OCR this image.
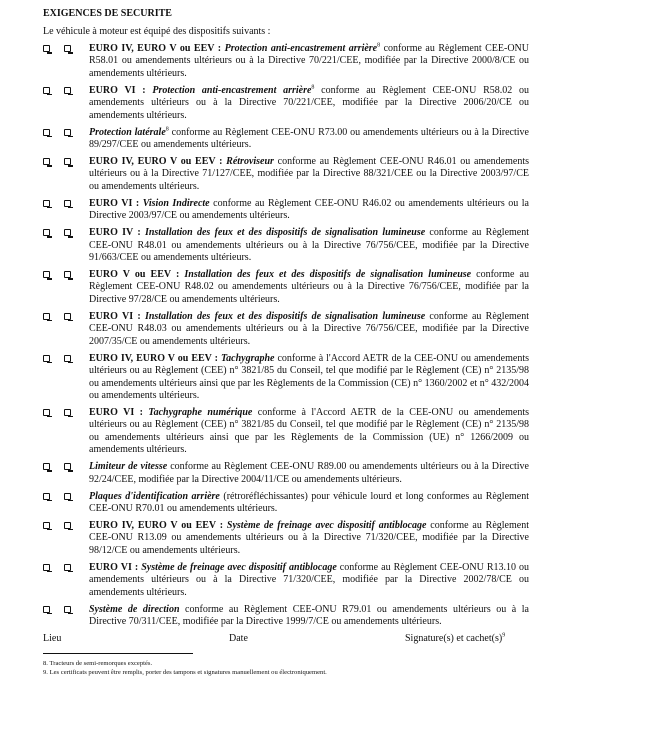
EXIGENCES DE SECURITE
Le véhicule à moteur est équipé des dispositifs suivants :
EURO IV, EURO V ou EEV : Protection anti-encastrement arrière$^8$ conforme au Règlement CEE-ONU R58.01 ou amendements ultérieurs ou à la Directive 70/221/CEE, modifiée par la Directive 2000/8/CE ou amendements ultérieurs.
EURO VI : Protection anti-encastrement arrière$^8$ conforme au Règlement CEE-ONU R58.02 ou amendements ultérieurs ou à la Directive 70/221/CEE, modifiée par la Directive 2006/20/CE ou amendements ultérieurs.
Protection latérale$^8$ conforme au Règlement CEE-ONU R73.00 ou amendements ultérieurs ou à la Directive 89/297/CEE ou amendements ultérieurs.
EURO IV, EURO V ou EEV : Rétroviseur conforme au Règlement CEE-ONU R46.01 ou amendements ultérieurs ou à la Directive 71/127/CEE, modifiée par la Directive 88/321/CEE ou la Directive 2003/97/CE ou amendements ultérieurs.
EURO VI : Vision Indirecte conforme au Règlement CEE-ONU R46.02 ou amendements ultérieurs ou la Directive 2003/97/CE ou amendements ultérieurs.
EURO IV : Installation des feux et des dispositifs de signalisation lumineuse conforme au Règlement CEE-ONU R48.01 ou amendements ultérieurs ou à la Directive 76/756/CEE, modifiée par la Directive 91/663/CEE ou amendements ultérieurs.
EURO V ou EEV : Installation des feux et des dispositifs de signalisation lumineuse conforme au Règlement CEE-ONU R48.02 ou amendements ultérieurs ou à la Directive 76/756/CEE, modifiée par la Directive 97/28/CE ou amendements ultérieurs.
EURO VI : Installation des feux et des dispositifs de signalisation lumineuse conforme au Règlement CEE-ONU R48.03 ou amendements ultérieurs ou à la Directive 76/756/CEE, modifiée par la Directive 2007/35/CE ou amendements ultérieurs.
EURO IV, EURO V ou EEV : Tachygraphe conforme à l'Accord AETR de la CEE-ONU ou amendements ultérieurs ou au Règlement (CEE) n° 3821/85 du Conseil, tel que modifié par le Règlement (CE) n° 2135/98 ou amendements ultérieurs ainsi que par les Règlements de la Commission (CE) n° 1360/2002 et n° 432/2004 ou amendements ultérieurs.
EURO VI : Tachygraphe numérique conforme à l'Accord AETR de la CEE-ONU ou amendements ultérieurs ou au Règlement (CEE) n° 3821/85 du Conseil, tel que modifié par le Règlement (CE) n° 2135/98 ou amendements ultérieurs ainsi que par les Règlements de la Commission (UE) n° 1266/2009 ou amendements ultérieurs.
Limiteur de vitesse conforme au Règlement CEE-ONU R89.00 ou amendements ultérieurs ou à la Directive 92/24/CEE, modifiée par la Directive 2004/11/CE ou amendements ultérieurs.
Plaques d'identification arrière (rétroréfléchissantes) pour véhicule lourd et long conformes au Règlement CEE-ONU R70.01 ou amendements ultérieurs.
EURO IV, EURO V ou EEV : Système de freinage avec dispositif antiblocage conforme au Règlement CEE-ONU R13.09 ou amendements ultérieurs ou à la Directive 71/320/CEE, modifiée par la Directive 98/12/CE ou amendements ultérieurs.
EURO VI : Système de freinage avec dispositif antiblocage conforme au Règlement CEE-ONU R13.10 ou amendements ultérieurs ou à la Directive 71/320/CEE, modifiée par la Directive 2002/78/CE ou amendements ultérieurs.
Système de direction conforme au Règlement CEE-ONU R79.01 ou amendements ultérieurs ou à la Directive 70/311/CEE, modifiée par la Directive 1999/7/CE ou amendements ultérieurs.
Lieu	Date	Signature(s) et $cachet(s)^9$
8. Tracteurs de semi-remorques exceptés.
9. Les certificats peuvent être remplis, porter des tampons et signatures manuellement ou électroniquement.
